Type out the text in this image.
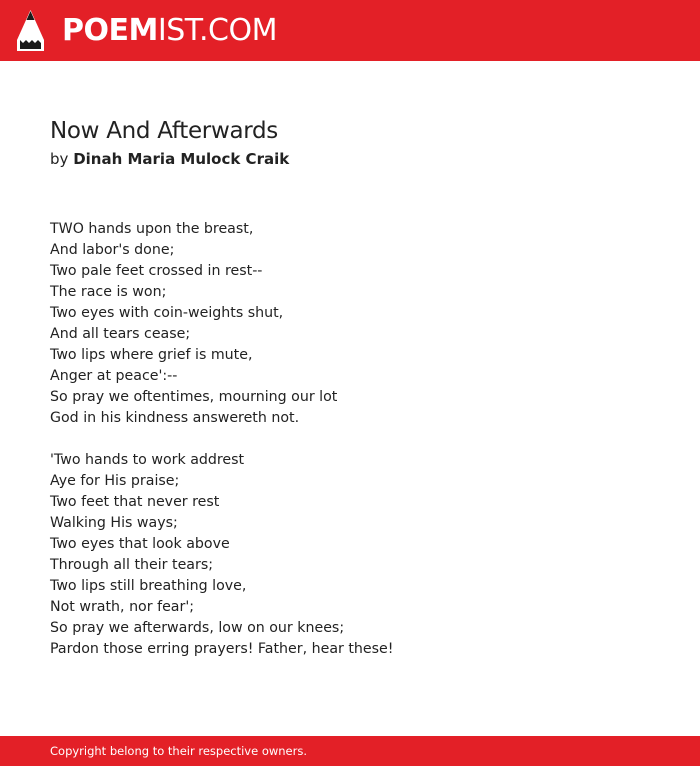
POEMIST.COM
Now And Afterwards
by Dinah Maria Mulock Craik
TWO hands upon the breast,
And labor's done;
Two pale feet crossed in rest--
The race is won;
Two eyes with coin-weights shut,
And all tears cease;
Two lips where grief is mute,
Anger at peace':--
So pray we oftentimes, mourning our lot
God in his kindness answereth not.
'Two hands to work addrest
Aye for His praise;
Two feet that never rest
Walking His ways;
Two eyes that look above
Through all their tears;
Two lips still breathing love,
Not wrath, nor fear';
So pray we afterwards, low on our knees;
Pardon those erring prayers! Father, hear these!
Copyright belong to their respective owners.
